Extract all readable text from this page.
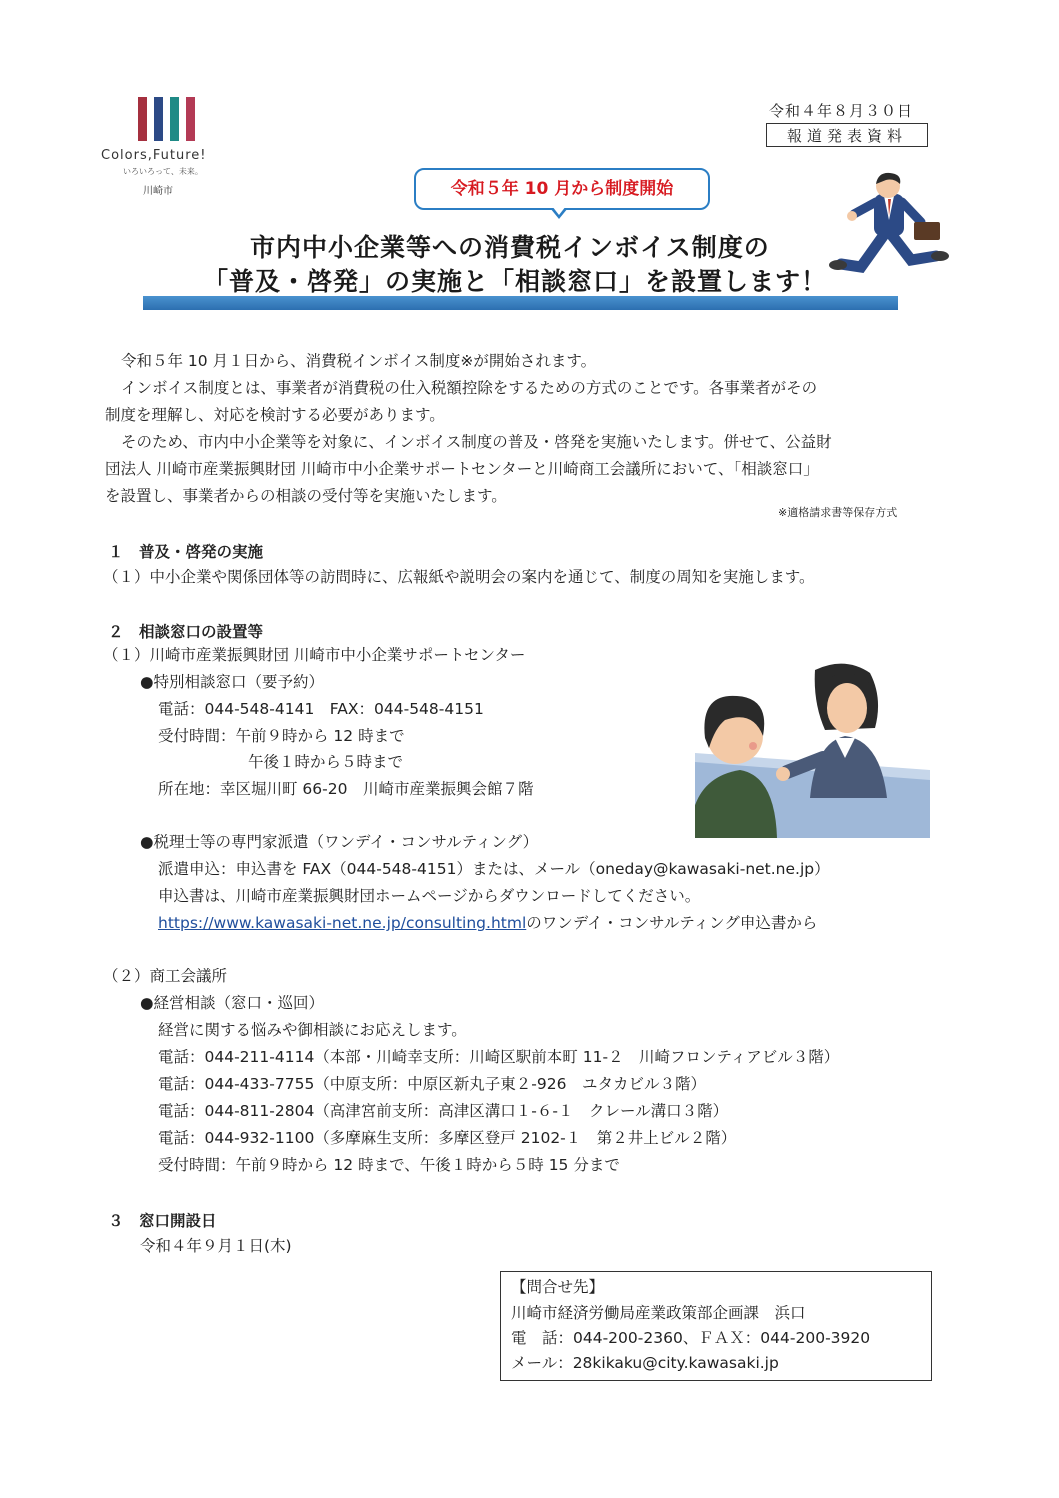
Colors,Future!
いろいろって、未来。
川崎市
令和４年８月３０日
報道発表資料
令和５年 10 月から制度開始
市内中小企業等への消費税インボイス制度の
「普及・啓発」の実施と「相談窓口」を設置します！
令和５年 10 月１日から、消費税インボイス制度※が開始されます。
インボイス制度とは、事業者が消費税の仕入税額控除をするための方式のことです。各事業者がその
制度を理解し、対応を検討する必要があります。
そのため、市内中小企業等を対象に、インボイス制度の普及・啓発を実施いたします。併せて、公益財
団法人 川崎市産業振興財団 川崎市中小企業サポートセンターと川崎商工会議所において、「相談窓口」
を設置し、事業者からの相談の受付等を実施いたします。
※適格請求書等保存方式
１　普及・啓発の実施
（１）中小企業や関係団体等の訪問時に、広報紙や説明会の案内を通じて、制度の周知を実施します。
２　相談窓口の設置等
（１）川崎市産業振興財団 川崎市中小企業サポートセンター
●特別相談窓口（要予約）
電話：044-548-4141　FAX：044-548-4151
受付時間：午前９時から 12 時まで
午後１時から５時まで
所在地：幸区堀川町 66-20　川崎市産業振興会館７階
●税理士等の専門家派遣（ワンデイ・コンサルティング）
派遣申込：申込書を FAX（044-548-4151）または、メール（oneday@kawasaki-net.ne.jp）
申込書は、川崎市産業振興財団ホームページからダウンロードしてください。
https://www.kawasaki-net.ne.jp/consulting.htmlのワンデイ・コンサルティング申込書から
（２）商工会議所
●経営相談（窓口・巡回）
経営に関する悩みや御相談にお応えします。
電話：044-211-4114（本部・川崎幸支所：川崎区駅前本町 11-２　川崎フロンティアビル３階）
電話：044-433-7755（中原支所：中原区新丸子東２-926　ユタカビル３階）
電話：044-811-2804（高津宮前支所：高津区溝口１-６-１　クレール溝口３階）
電話：044-932-1100（多摩麻生支所：多摩区登戸 2102-１　第２井上ビル２階）
受付時間：午前９時から 12 時まで、午後１時から５時 15 分まで
３　窓口開設日
令和４年９月１日(木)
【問合せ先】
川崎市経済労働局産業政策部企画課　浜口
電　話：044-200-2360、ＦＡＸ：044-200-3920
メール：28kikaku@city.kawasaki.jp
